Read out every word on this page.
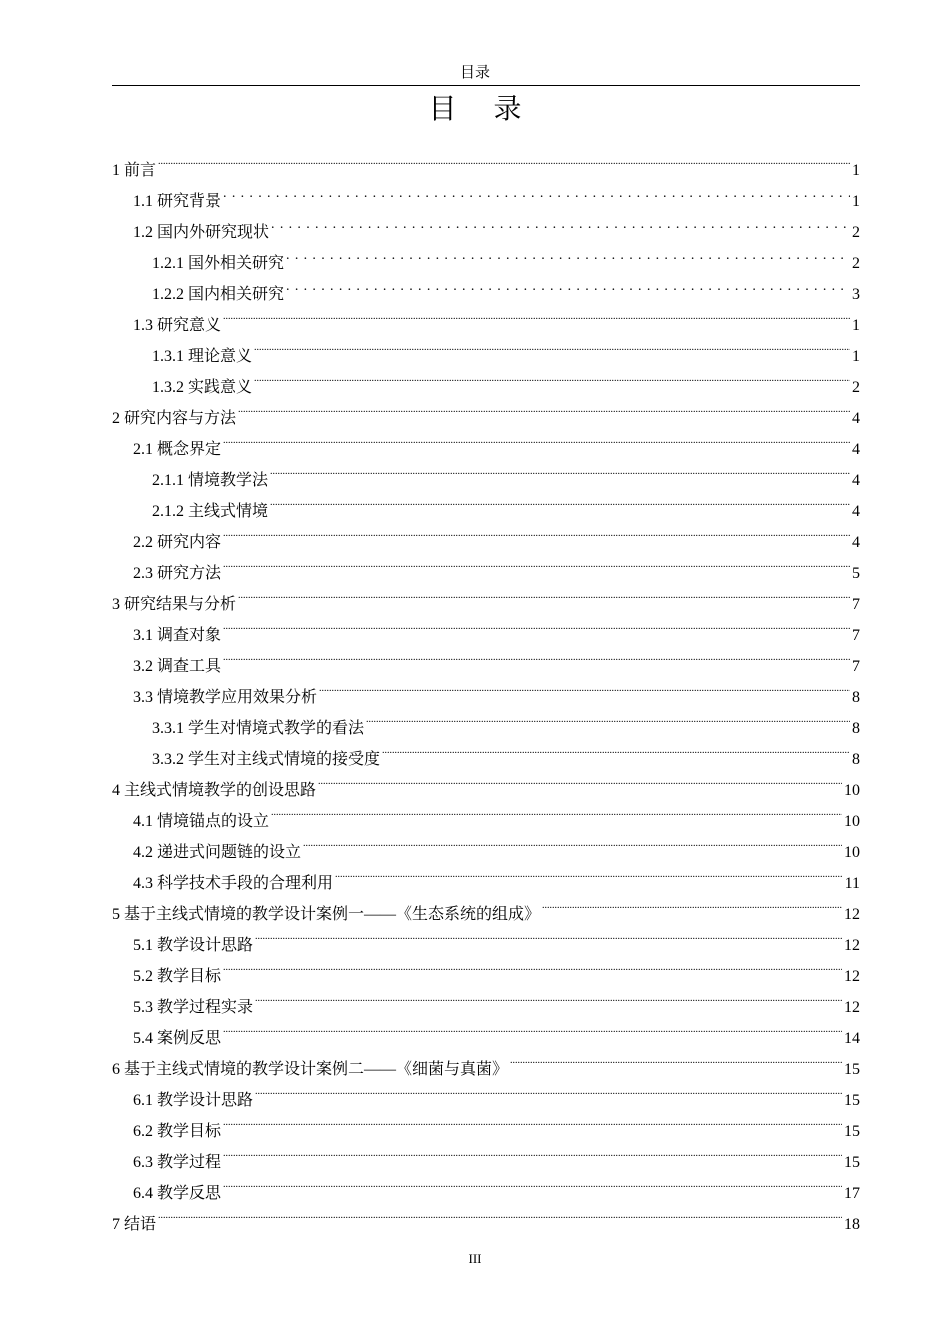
目录
目 录
1 前言 .....	1
1.1 研究背景 . . .	1
1.2 国内外研究现状 . . .	2
1.2.1 国外相关研究 . . .	2
1.2.2 国内相关研究 . . .	3
1.3 研究意义 .....	1
1.3.1 理论意义 .....	1
1.3.2 实践意义 .....	2
2 研究内容与方法 .....	4
2.1 概念界定 .....	4
2.1.1 情境教学法 .....	4
2.1.2 主线式情境 .....	4
2.2 研究内容 .....	4
2.3 研究方法 .....	5
3 研究结果与分析 .....	7
3.1 调查对象 .....	7
3.2 调查工具 .....	7
3.3 情境教学应用效果分析 .....	8
3.3.1 学生对情境式教学的看法 .....	8
3.3.2 学生对主线式情境的接受度 .....	8
4 主线式情境教学的创设思路 .....	10
4.1 情境锚点的设立 .....	10
4.2 递进式问题链的设立 .....	10
4.3 科学技术手段的合理利用 .....	11
5 基于主线式情境的教学设计案例一——《生态系统的组成》 .....	12
5.1 教学设计思路 .....	12
5.2 教学目标 .....	12
5.3 教学过程实录 .....	12
5.4 案例反思 .....	14
6 基于主线式情境的教学设计案例二——《细菌与真菌》 .....	15
6.1 教学设计思路 .....	15
6.2 教学目标 .....	15
6.3 教学过程 .....	15
6.4 教学反思 .....	17
7 结语 .....	18
III
